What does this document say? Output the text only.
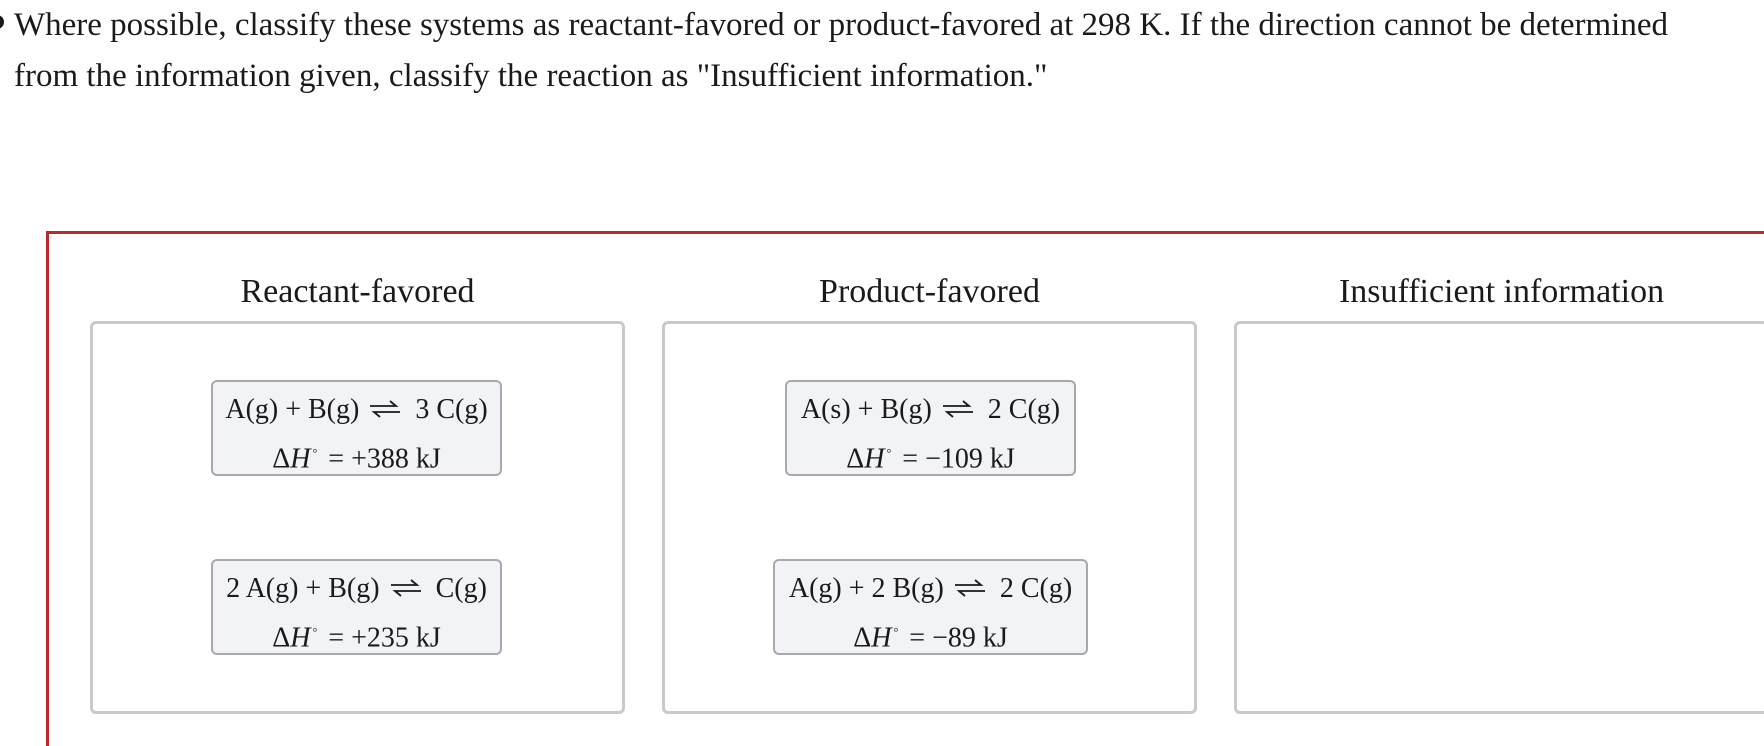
Where possible, classify these systems as reactant-favored or product-favored at 298 K. If the direction cannot be determined
from the information given, classify the reaction as "Insufficient information."
Reactant-favored
A(g) + B(g) ⇌ 3 C(g)
ΔH ° = +388 kJ
2 A(g) + B(g) ⇌ C(g)
ΔH ° = +235 kJ
Product-favored
A(s) + B(g) ⇌ 2 C(g)
ΔH ° = −109 kJ
A(g) + 2 B(g) ⇌ 2 C(g)
ΔH ° = −89 kJ
Insufficient information
